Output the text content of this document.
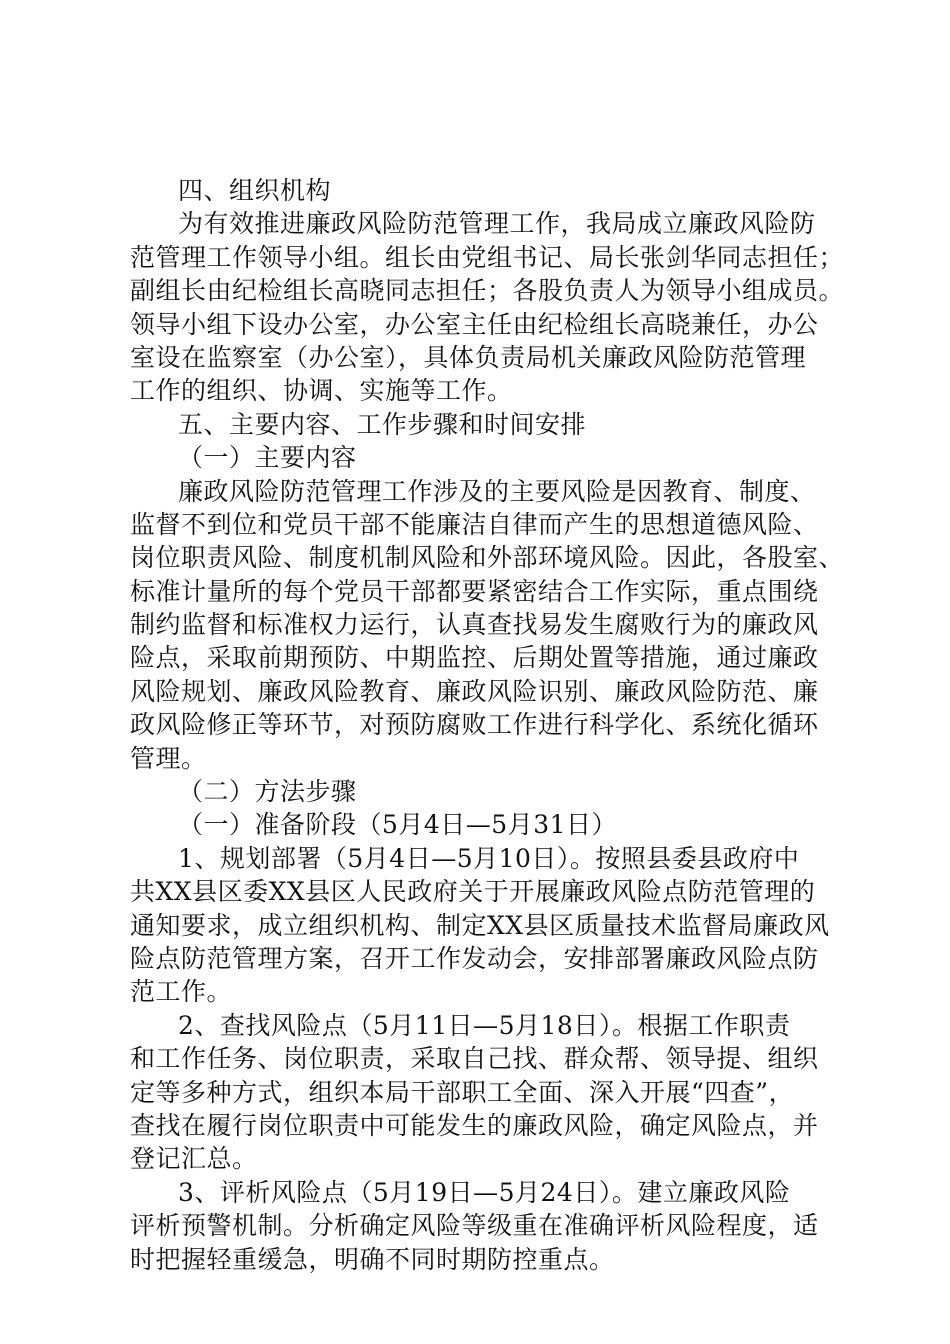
四、组织机构
为有效推进廉政风险防范管理工作，我局成立廉政风险防
范管理工作领导小组。组长由党组书记、局长张剑华同志担任；
副组长由纪检组长高晓同志担任；各股负责人为领导小组成员。
领导小组下设办公室，办公室主任由纪检组长高晓兼任，办公
室设在监察室（办公室），具体负责局机关廉政风险防范管理
工作的组织、协调、实施等工作。
五、主要内容、工作步骤和时间安排
（一）主要内容
廉政风险防范管理工作涉及的主要风险是因教育、制度、
监督不到位和党员干部不能廉洁自律而产生的思想道德风险、
岗位职责风险、制度机制风险和外部环境风险。因此，各股室、
标准计量所的每个党员干部都要紧密结合工作实际，重点围绕
制约监督和标准权力运行，认真查找易发生腐败行为的廉政风
险点，采取前期预防、中期监控、后期处置等措施，通过廉政
风险规划、廉政风险教育、廉政风险识别、廉政风险防范、廉
政风险修正等环节，对预防腐败工作进行科学化、系统化循环
管理。
（二）方法步骤
（一）准备阶段（5月4日—5月31日）
1、规划部署（5月4日—5月10日）。按照县委县政府中
共XX县区委XX县区人民政府关于开展廉政风险点防范管理的
通知要求，成立组织机构、制定XX县区质量技术监督局廉政风
险点防范管理方案，召开工作发动会，安排部署廉政风险点防
范工作。
2、查找风险点（5月11日—5月18日）。根据工作职责
和工作任务、岗位职责，采取自己找、群众帮、领导提、组织
定等多种方式，组织本局干部职工全面、深入开展“四查”，
查找在履行岗位职责中可能发生的廉政风险，确定风险点，并
登记汇总。
3、评析风险点（5月19日—5月24日）。建立廉政风险
评析预警机制。分析确定风险等级重在准确评析风险程度，适
时把握轻重缓急，明确不同时期防控重点。
